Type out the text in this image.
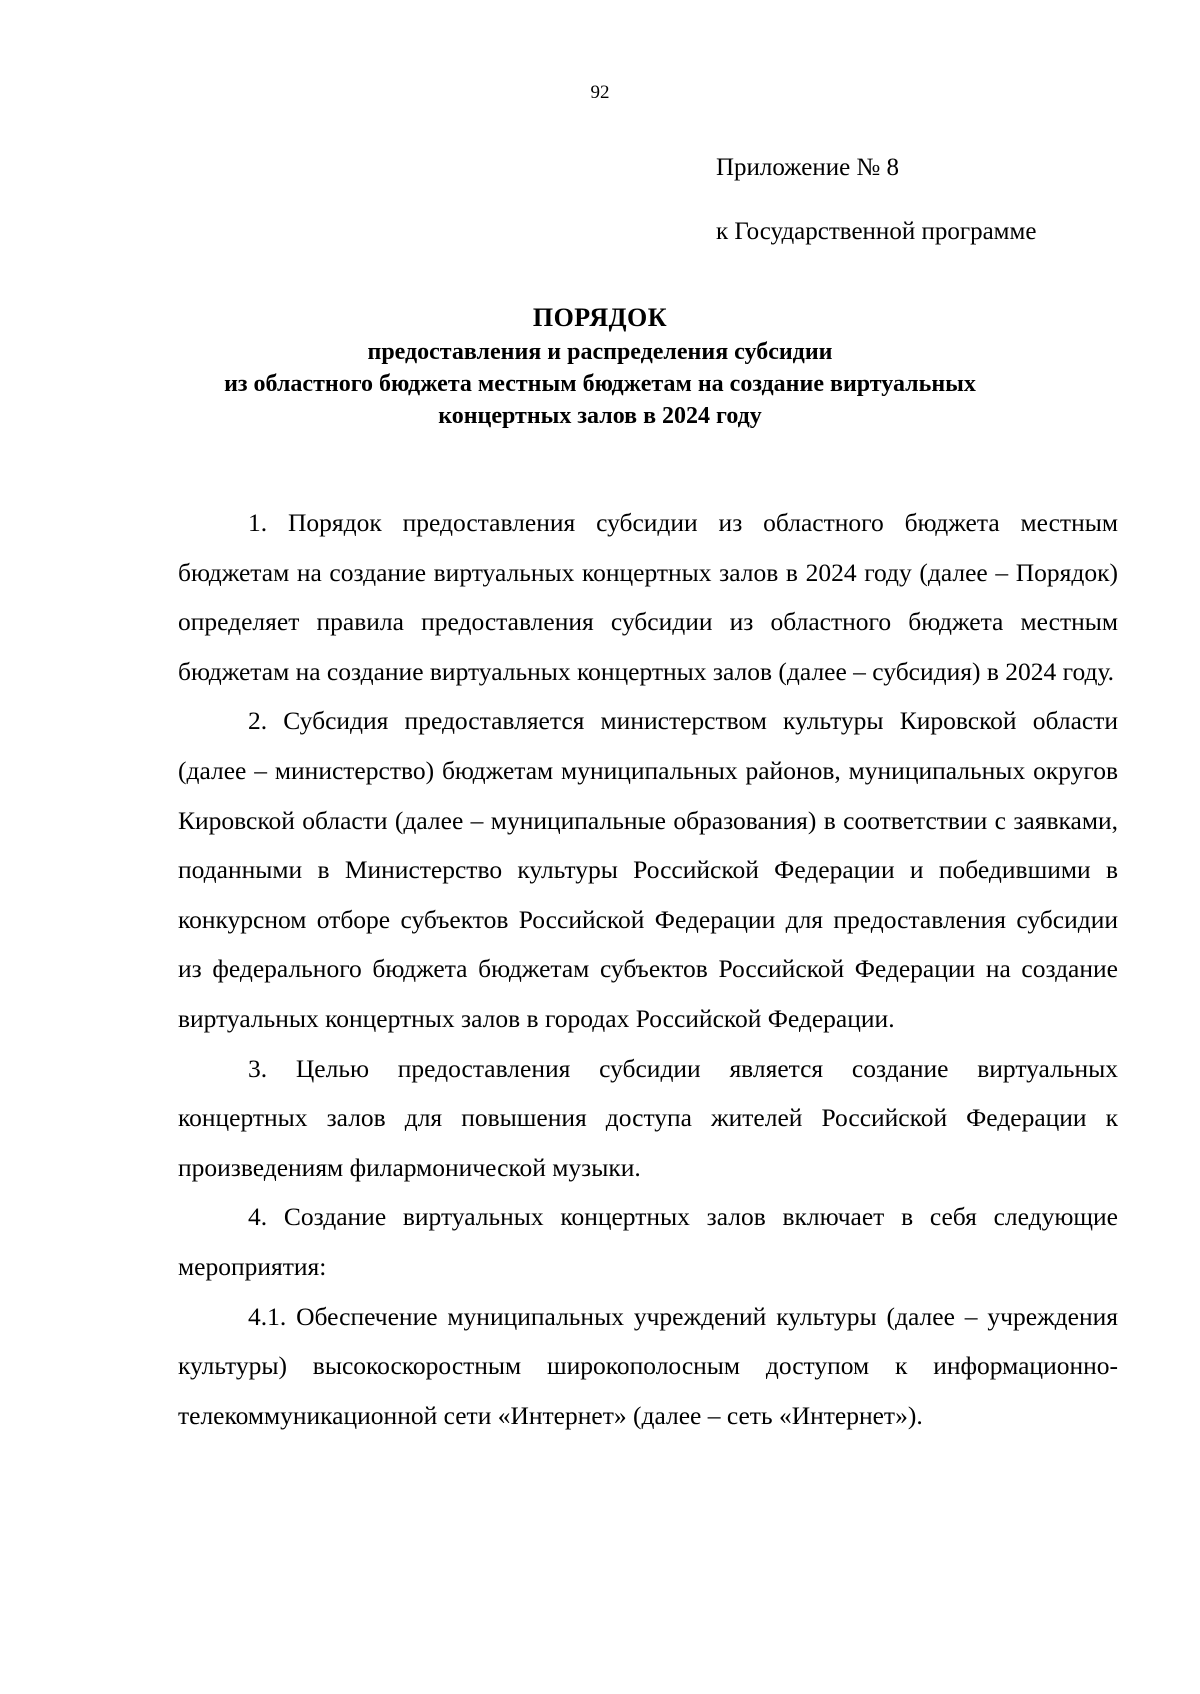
92
Приложение № 8
к Государственной программе
ПОРЯДОК
предоставления и распределения субсидии
из областного бюджета местным бюджетам на создание виртуальных
концертных залов в 2024 году

1. Порядок предоставления субсидии из областного бюджета местным бюджетам на создание виртуальных концертных залов в 2024 году (далее – Порядок) определяет правила предоставления субсидии из областного бюджета местным бюджетам на создание виртуальных концертных залов (далее – субсидия) в 2024 году.

2. Субсидия предоставляется министерством культуры Кировской области (далее – министерство) бюджетам муниципальных районов, муниципальных округов Кировской области (далее – муниципальные образования) в соответствии с заявками, поданными в Министерство культуры Российской Федерации и победившими в конкурсном отборе субъектов Российской Федерации для предоставления субсидии из федерального бюджета бюджетам субъектов Российской Федерации на создание виртуальных концертных залов в городах Российской Федерации.

3. Целью предоставления субсидии является создание виртуальных концертных залов для повышения доступа жителей Российской Федерации к произведениям филармонической музыки.

4. Создание виртуальных концертных залов включает в себя следующие мероприятия:

4.1. Обеспечение муниципальных учреждений культуры (далее – учреждения культуры) высокоскоростным широкополосным доступом к информационно-телекоммуникационной сети «Интернет» (далее – сеть «Интернет»).
